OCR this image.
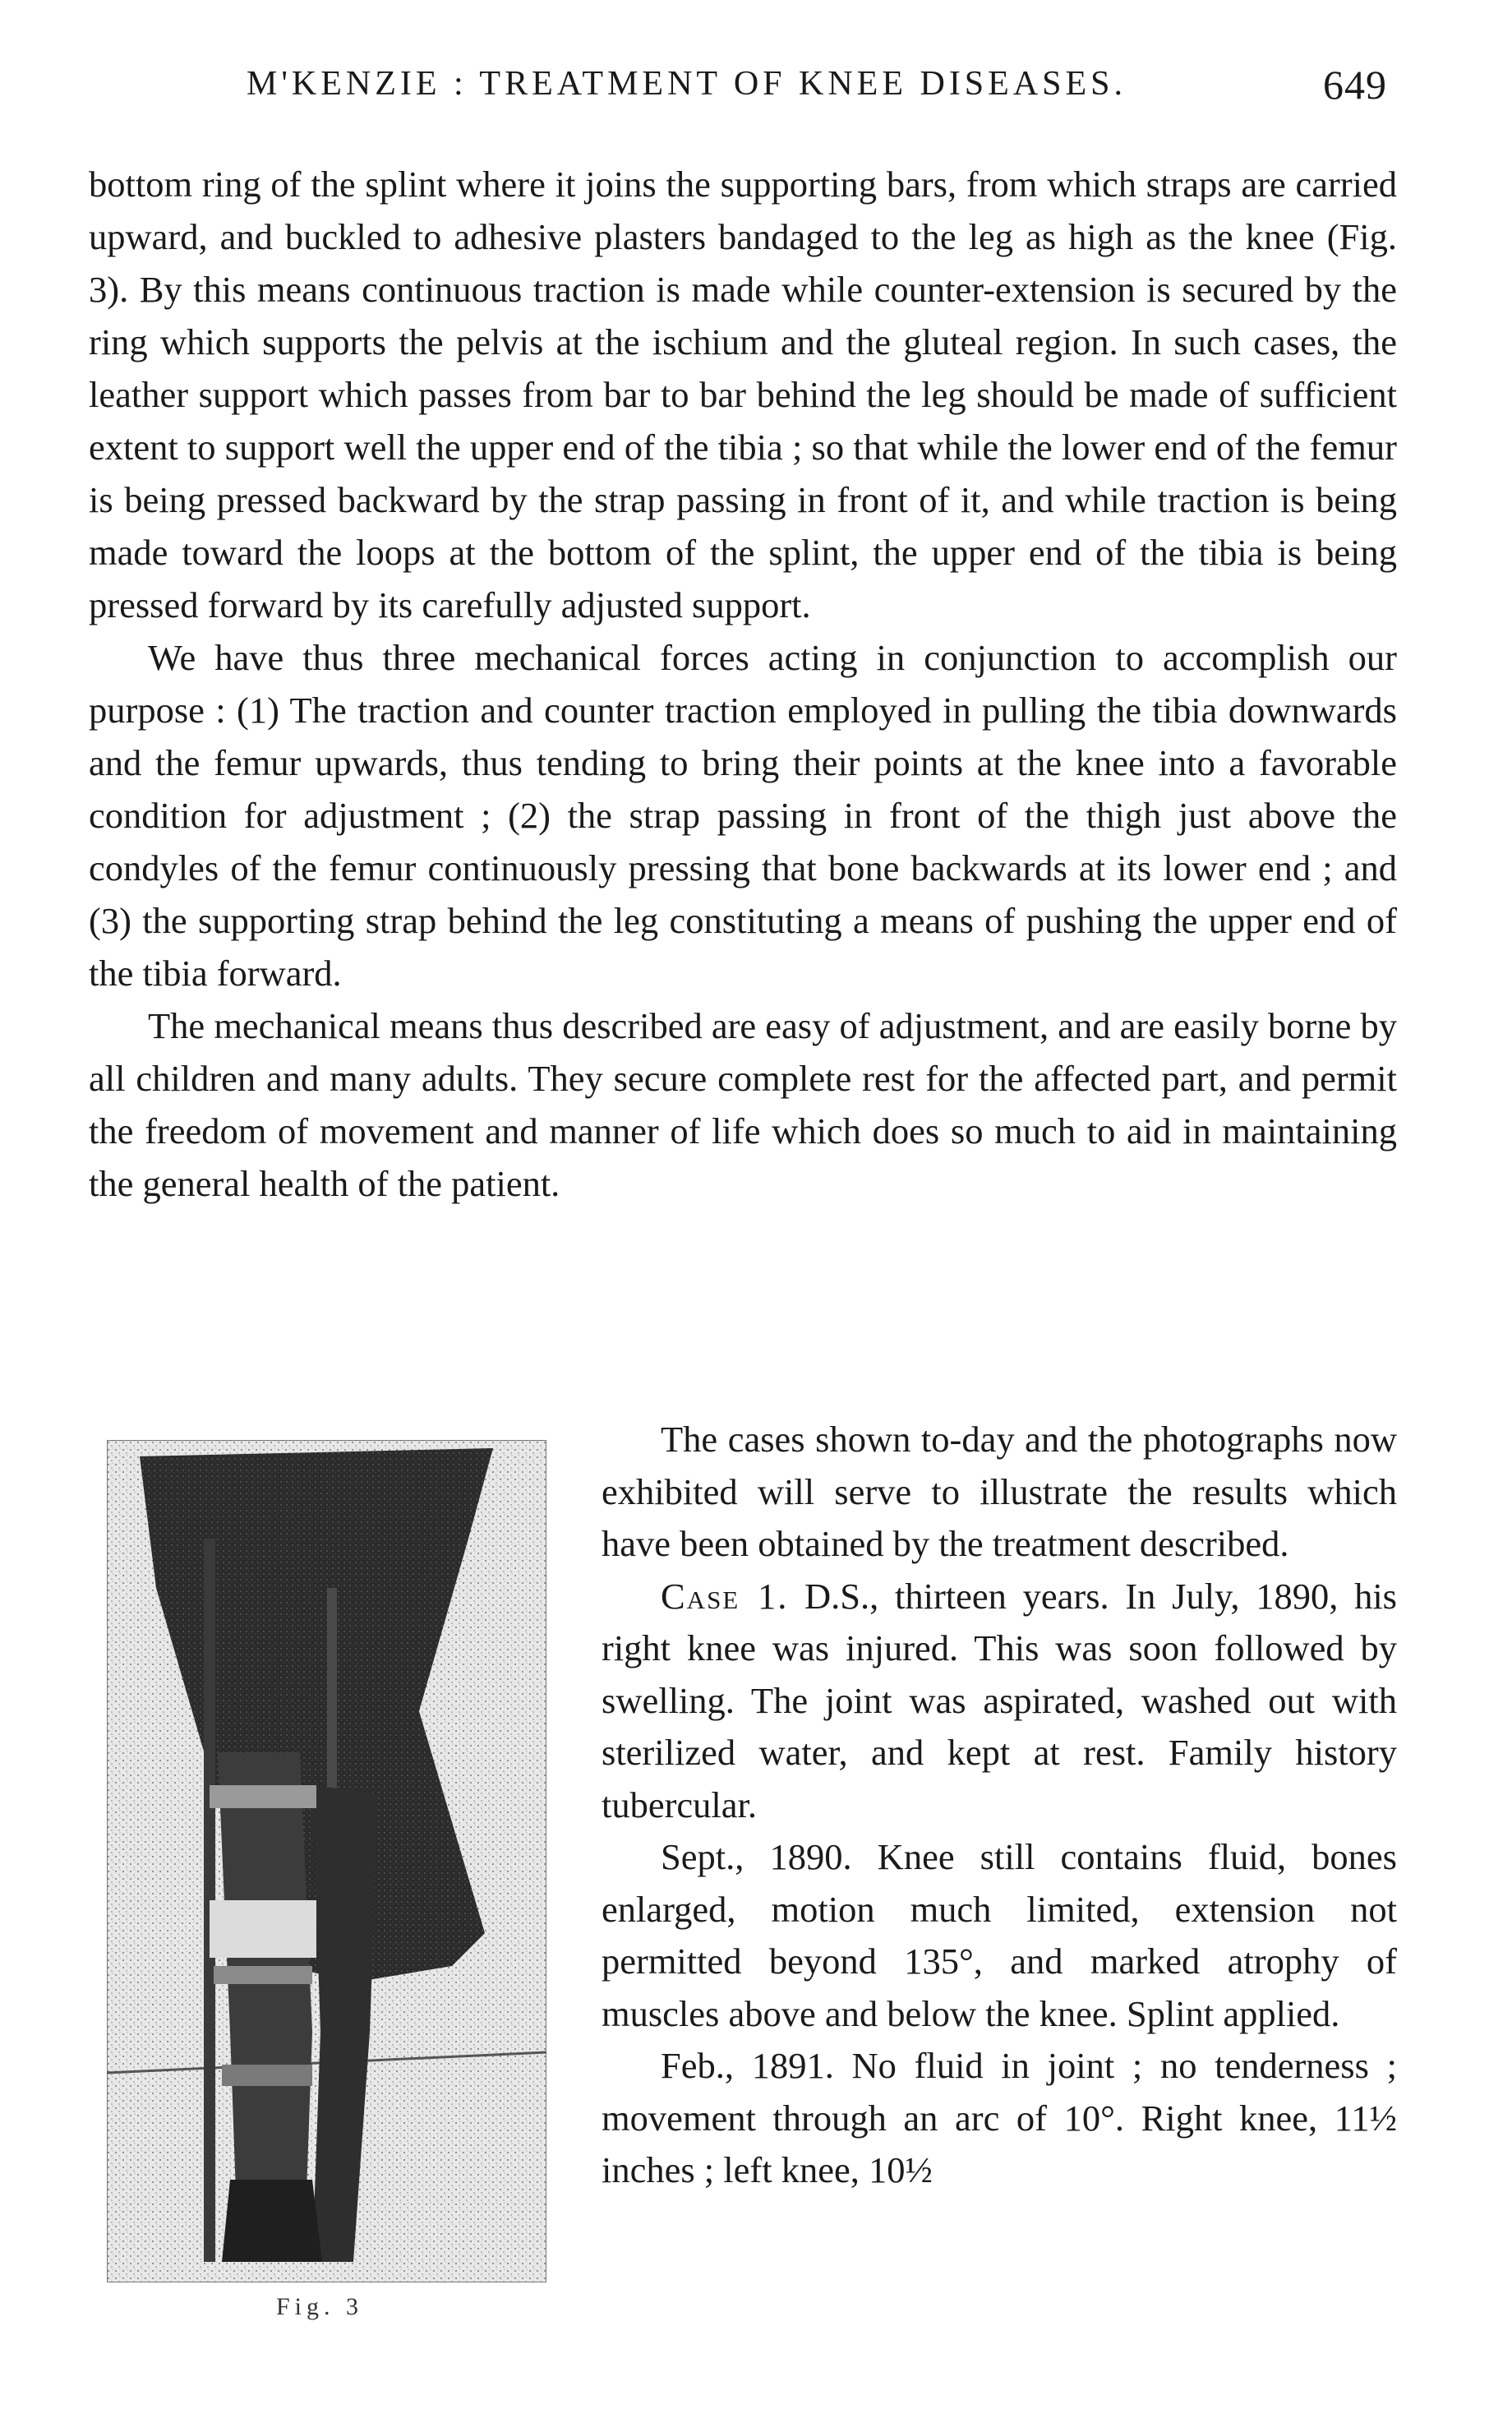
M'KENZIE : TREATMENT OF KNEE DISEASES.	649

bottom ring of the splint where it joins the supporting bars, from which straps are carried upward, and buckled to adhesive plasters bandaged to the leg as high as the knee (Fig. 3). By this means continuous traction is made while counter-extension is secured by the ring which supports the pelvis at the ischium and the gluteal region. In such cases, the leather support which passes from bar to bar behind the leg should be made of sufficient extent to support well the upper end of the tibia ; so that while the lower end of the femur is being pressed backward by the strap passing in front of it, and while traction is being made toward the loops at the bottom of the splint, the upper end of the tibia is being pressed forward by its carefully adjusted support.

We have thus three mechanical forces acting in conjunction to accomplish our purpose : (1) The traction and counter traction employed in pulling the tibia downwards and the femur upwards, thus tending to bring their points at the knee into a favorable condition for adjustment ; (2) the strap passing in front of the thigh just above the condyles of the femur continuously pressing that bone backwards at its lower end ; and (3) the supporting strap behind the leg constituting a means of pushing the upper end of the tibia forward.

The mechanical means thus described are easy of adjustment, and are easily borne by all children and many adults. They secure complete rest for the affected part, and permit the freedom of movement and manner of life which does so much to aid in maintaining the general health of the patient.

Fig. 3

The cases shown to-day and the photographs now exhibited will serve to illustrate the results which have been obtained by the treatment described.

Case 1. D.S., thirteen years. In July, 1890, his right knee was injured. This was soon followed by swelling. The joint was aspirated, washed out with sterilized water, and kept at rest. Family history tubercular.

Sept., 1890. Knee still contains fluid, bones enlarged, motion much limited, extension not permitted beyond 135°, and marked atrophy of muscles above and below the knee. Splint applied.

Feb., 1891. No fluid in joint ; no tenderness ; movement through an arc of 10°. Right knee, 11½ inches ; left knee, 10½
